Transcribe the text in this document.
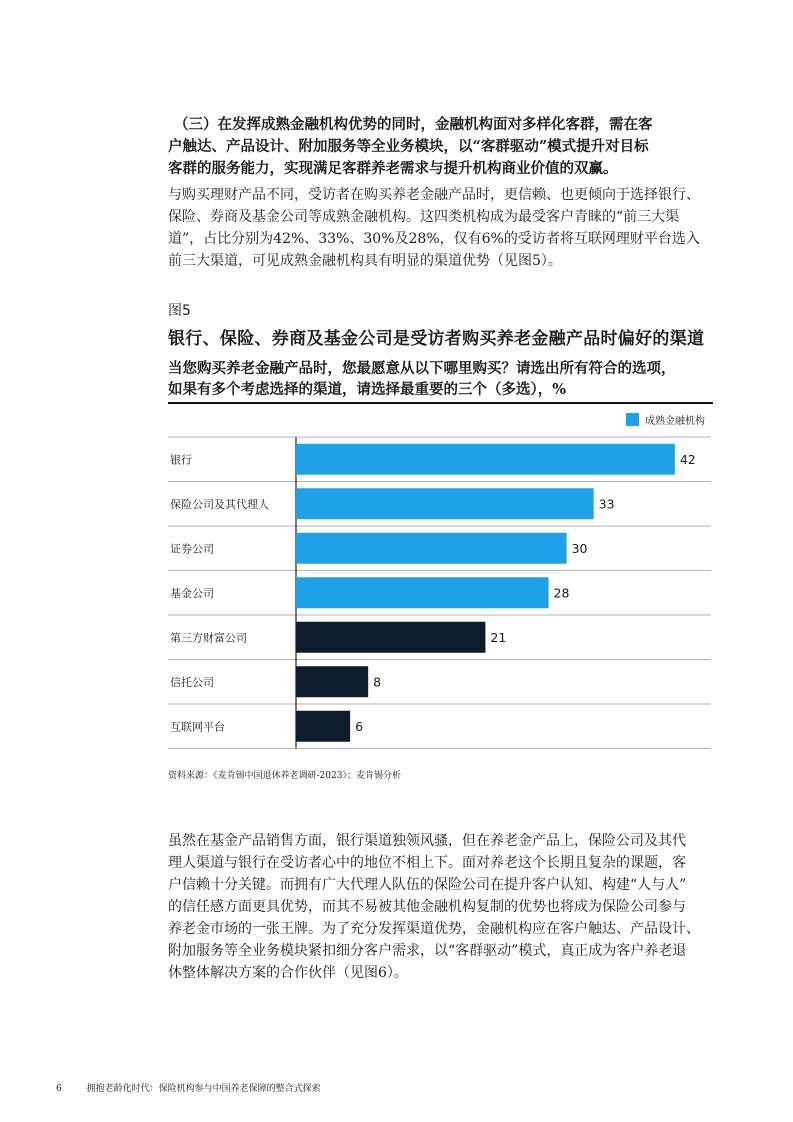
（三）在发挥成熟金融机构优势的同时，金融机构面对多样化客群，需在客
户触达、产品设计、附加服务等全业务模块，以“客群驱动”模式提升对目标
客群的服务能力，实现满足客群养老需求与提升机构商业价值的双赢。
与购买理财产品不同，受访者在购买养老金融产品时，更信赖、也更倾向于选择银行、
保险、券商及基金公司等成熟金融机构。这四类机构成为最受客户青睐的“前三大渠
道”，占比分别为42%、33%、30%及28%，仅有6%的受访者将互联网理财平台选入
前三大渠道，可见成熟金融机构具有明显的渠道优势（见图5）。
图5
银行、保险、券商及基金公司是受访者购买养老金融产品时偏好的渠道
当您购买养老金融产品时，您最愿意从以下哪里购买？请选出所有符合的选项，
如果有多个考虑选择的渠道，请选择最重要的三个（多选），%
成熟金融机构
银行	42
保险公司及其代理人	33
证券公司	30
基金公司	28
第三方财富公司	21
信托公司	8
互联网平台	6
资料来源：《麦肯锡中国退休养老调研-2023》；麦肯锡分析
虽然在基金产品销售方面，银行渠道独领风骚，但在养老金产品上，保险公司及其代
理人渠道与银行在受访者心中的地位不相上下。面对养老这个长期且复杂的课题，客
户信赖十分关键。而拥有广大代理人队伍的保险公司在提升客户认知、构建“人与人”
的信任感方面更具优势，而其不易被其他金融机构复制的优势也将成为保险公司参与
养老金市场的一张王牌。为了充分发挥渠道优势，金融机构应在客户触达、产品设计、
附加服务等全业务模块紧扣细分客户需求，以“客群驱动”模式，真正成为客户养老退
休整体解决方案的合作伙伴（见图6）。
6	拥抱老龄化时代：保险机构参与中国养老保障的整合式探索
